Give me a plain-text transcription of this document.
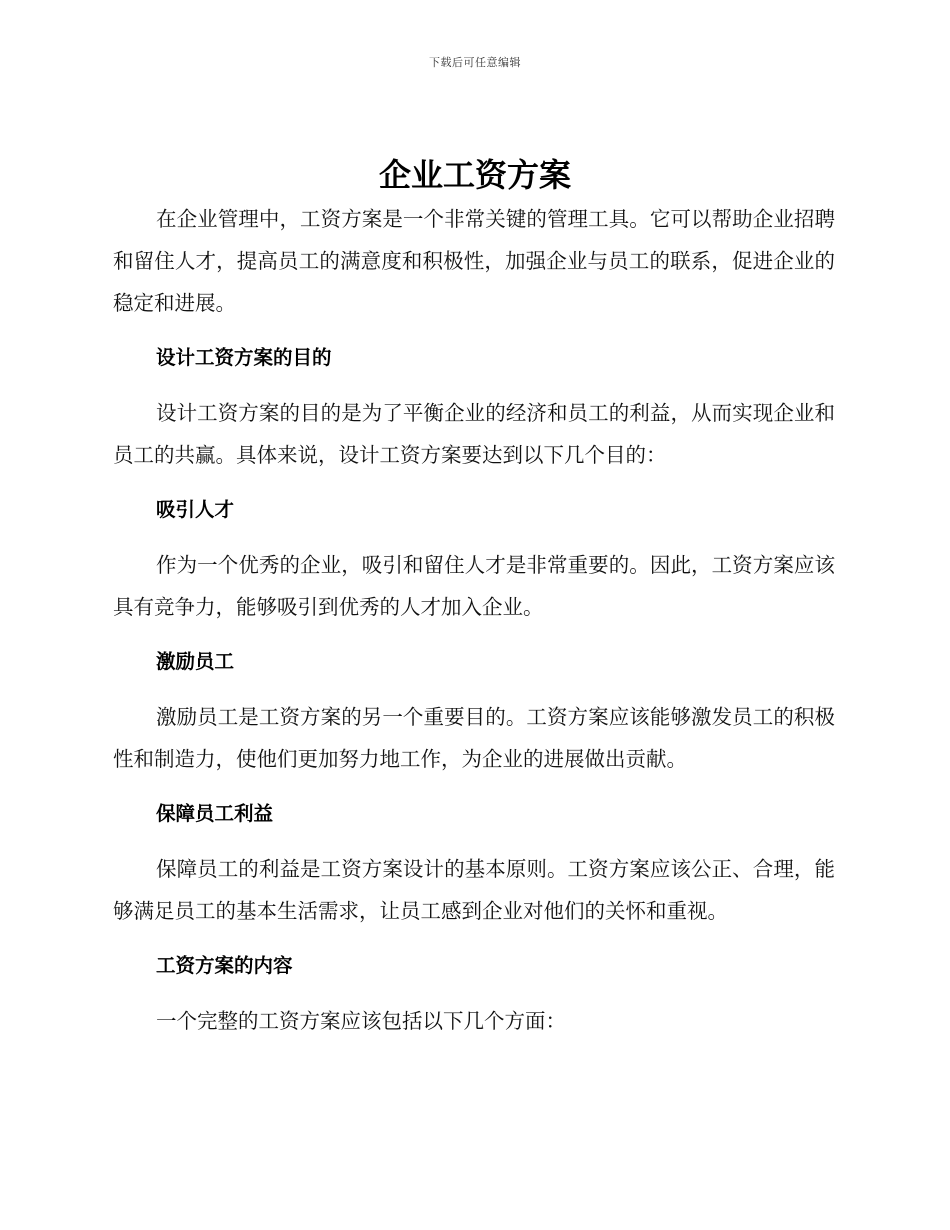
下载后可任意编辑
企业工资方案

在企业管理中，工资方案是一个非常关键的管理工具。它可以帮助企业招聘和留住人才，提高员工的满意度和积极性，加强企业与员工的联系，促进企业的稳定和进展。

设计工资方案的目的

设计工资方案的目的是为了平衡企业的经济和员工的利益，从而实现企业和员工的共赢。具体来说，设计工资方案要达到以下几个目的：

吸引人才

作为一个优秀的企业，吸引和留住人才是非常重要的。因此，工资方案应该具有竞争力，能够吸引到优秀的人才加入企业。

激励员工

激励员工是工资方案的另一个重要目的。工资方案应该能够激发员工的积极性和制造力，使他们更加努力地工作，为企业的进展做出贡献。

保障员工利益

保障员工的利益是工资方案设计的基本原则。工资方案应该公正、合理，能够满足员工的基本生活需求，让员工感到企业对他们的关怀和重视。

工资方案的内容

一个完整的工资方案应该包括以下几个方面：
